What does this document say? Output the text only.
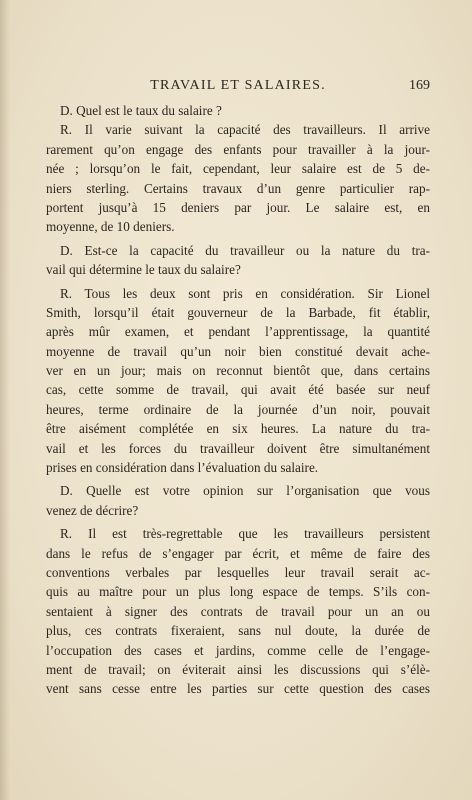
TRAVAIL ET SALAIRES.	169
D. Quel est le taux du salaire ?
R. Il varie suivant la capacité des travailleurs. Il arrive
rarement qu’on engage des enfants pour travailler à la jour-
née ; lorsqu’on le fait, cependant, leur salaire est de 5 de-
niers sterling. Certains travaux d’un genre particulier rap-
portent jusqu’à 15 deniers par jour. Le salaire est, en
moyenne, de 10 deniers.
D. Est-ce la capacité du travailleur ou la nature du tra-
vail qui détermine le taux du salaire?
R. Tous les deux sont pris en considération. Sir Lionel
Smith, lorsqu’il était gouverneur de la Barbade, fit établir,
après mûr examen, et pendant l’apprentissage, la quantité
moyenne de travail qu’un noir bien constitué devait ache-
ver en un jour; mais on reconnut bientôt que, dans certains
cas, cette somme de travail, qui avait été basée sur neuf
heures, terme ordinaire de la journée d’un noir, pouvait
être aisément complétée en six heures. La nature du tra-
vail et les forces du travailleur doivent être simultanément
prises en considération dans l’évaluation du salaire.
D. Quelle est votre opinion sur l’organisation que vous
venez de décrire?
R. Il est très-regrettable que les travailleurs persistent
dans le refus de s’engager par écrit, et même de faire des
conventions verbales par lesquelles leur travail serait ac-
quis au maître pour un plus long espace de temps. S’ils con-
sentaient à signer des contrats de travail pour un an ou
plus, ces contrats fixeraient, sans nul doute, la durée de
l’occupation des cases et jardins, comme celle de l’engage-
ment de travail; on éviterait ainsi les discussions qui s’élè-
vent sans cesse entre les parties sur cette question des cases
